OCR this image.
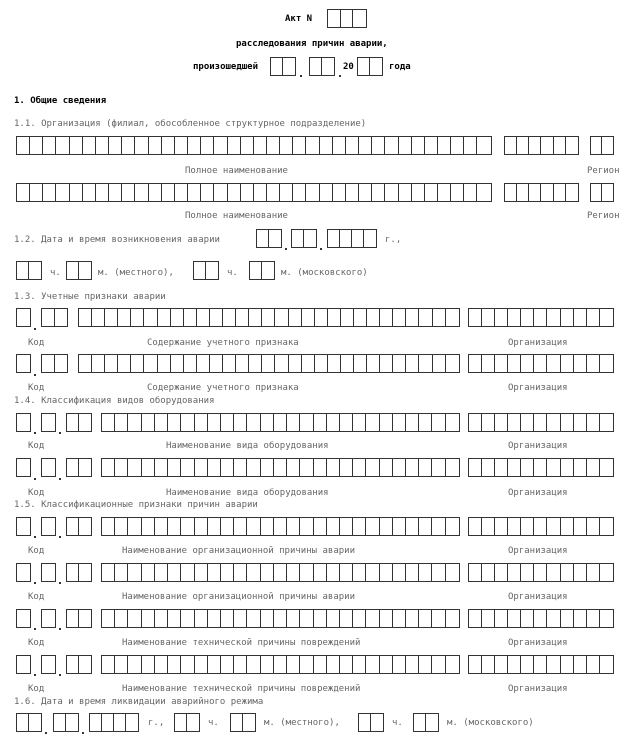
Акт N
расследования причин аварии,
произошедшей	20	года
1. Общие сведения
1.1. Организация (филиал, обособленное структурное подразделение)
Полное наименование	Регион
Полное наименование	Регион
1.2. Дата и время возникновения аварии	г.,
ч.	м. (местного),	ч.	м. (московского)
1.3. Учетные признаки аварии
Код	Содержание учетного признака	Организация
Код	Содержание учетного признака	Организация
1.4. Классификация видов оборудования
Код	Наименование вида оборудования	Организация
Код	Наименование вида оборудования	Организация
1.5. Классификационные признаки причин аварии
Код	Наименование организационной причины аварии	Организация
Код	Наименование организационной причины аварии	Организация
Код	Наименование технической причины повреждений	Организация
Код	Наименование технической причины повреждений	Организация
1.6. Дата и время ликвидации аварийного режима
г.,	ч.	м. (местного),	ч.	м. (московского)
